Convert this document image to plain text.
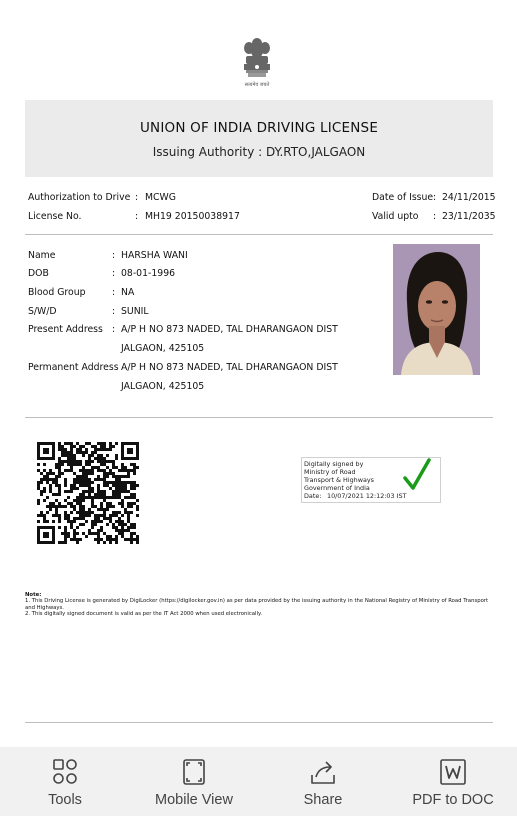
सत्यमेव जयते
UNION OF INDIA DRIVING LICENSE
Issuing Authority : DY.RTO,JALGAON
Authorization to Drive : MCWG
License No.	: MH19 20150038917
Date of Issue : 24/11/2015
Valid upto : 23/11/2035
Name	: HARSHA WANI
DOB	: 08-01-1996
Blood Group	: NA
S/W/D	: SUNIL
Present Address : A/P H NO 873 NADED, TAL DHARANGAON DIST
JALGAON, 425105
Permanent Address A/P H NO 873 NADED, TAL DHARANGAON DIST
JALGAON, 425105
Digitally signed by
Ministry of Road
Transport & Highways
Government of India
Date: 10/07/2021 12:12:03 IST
Note:
1. This Driving License is generated by DigiLocker (https://digilocker.gov.in) as per data provided by the issuing authority in the National Registry of Ministry of Road Transport and Highways.
2. This digitally signed document is valid as per the IT Act 2000 when used electronically.
Tools	Mobile View	Share	PDF to DOC
